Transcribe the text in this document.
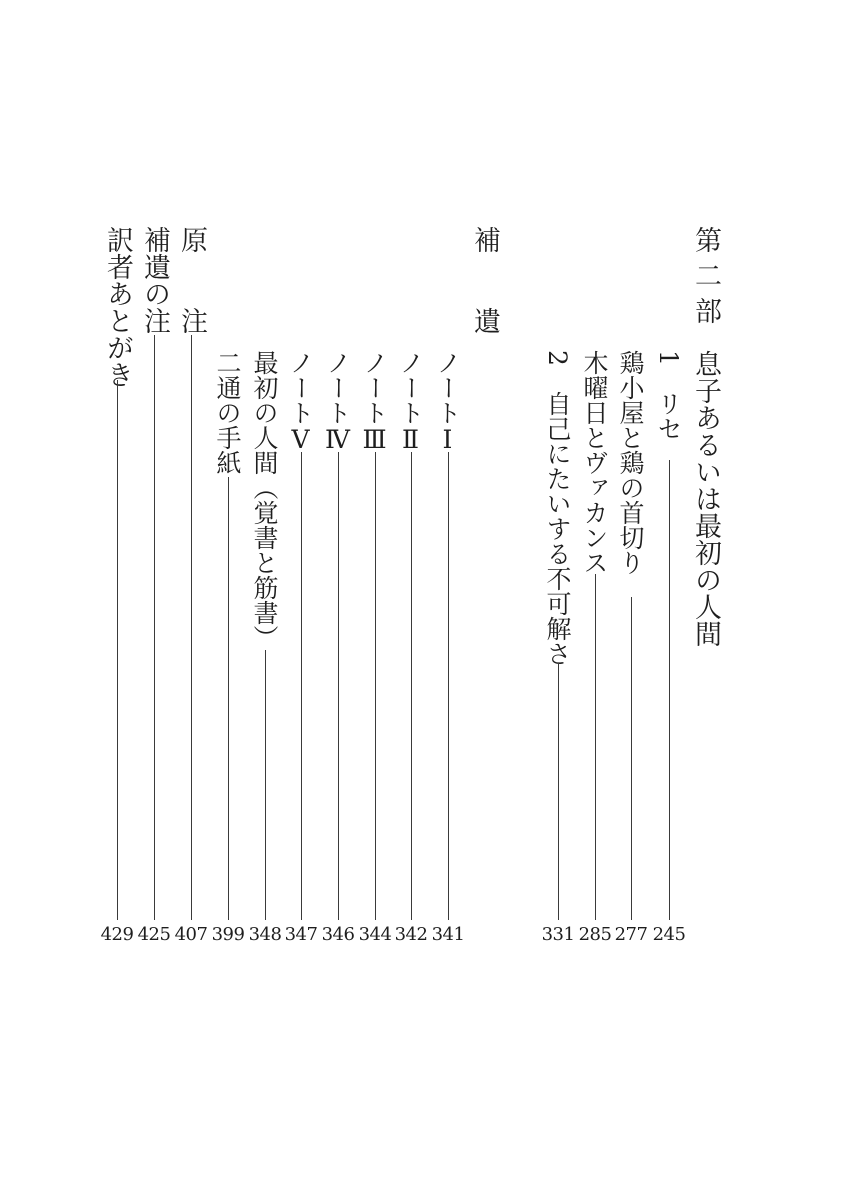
第 二 部
息子あるいは最初の人間
1　リセ
鶏小屋と鶏の首切り
木曜日とヴァカンス
2　自己にたいする不可解さ
補　　遺
ノートⅠ
ノートⅡ
ノートⅢ
ノートⅣ
ノートⅤ
最初の人間（覚書と筋書）
二通の手紙
原　　注
補遺の注
訳者あとがき
245
277
285
331
341
342
344
346
347
348
399
407
425
429
